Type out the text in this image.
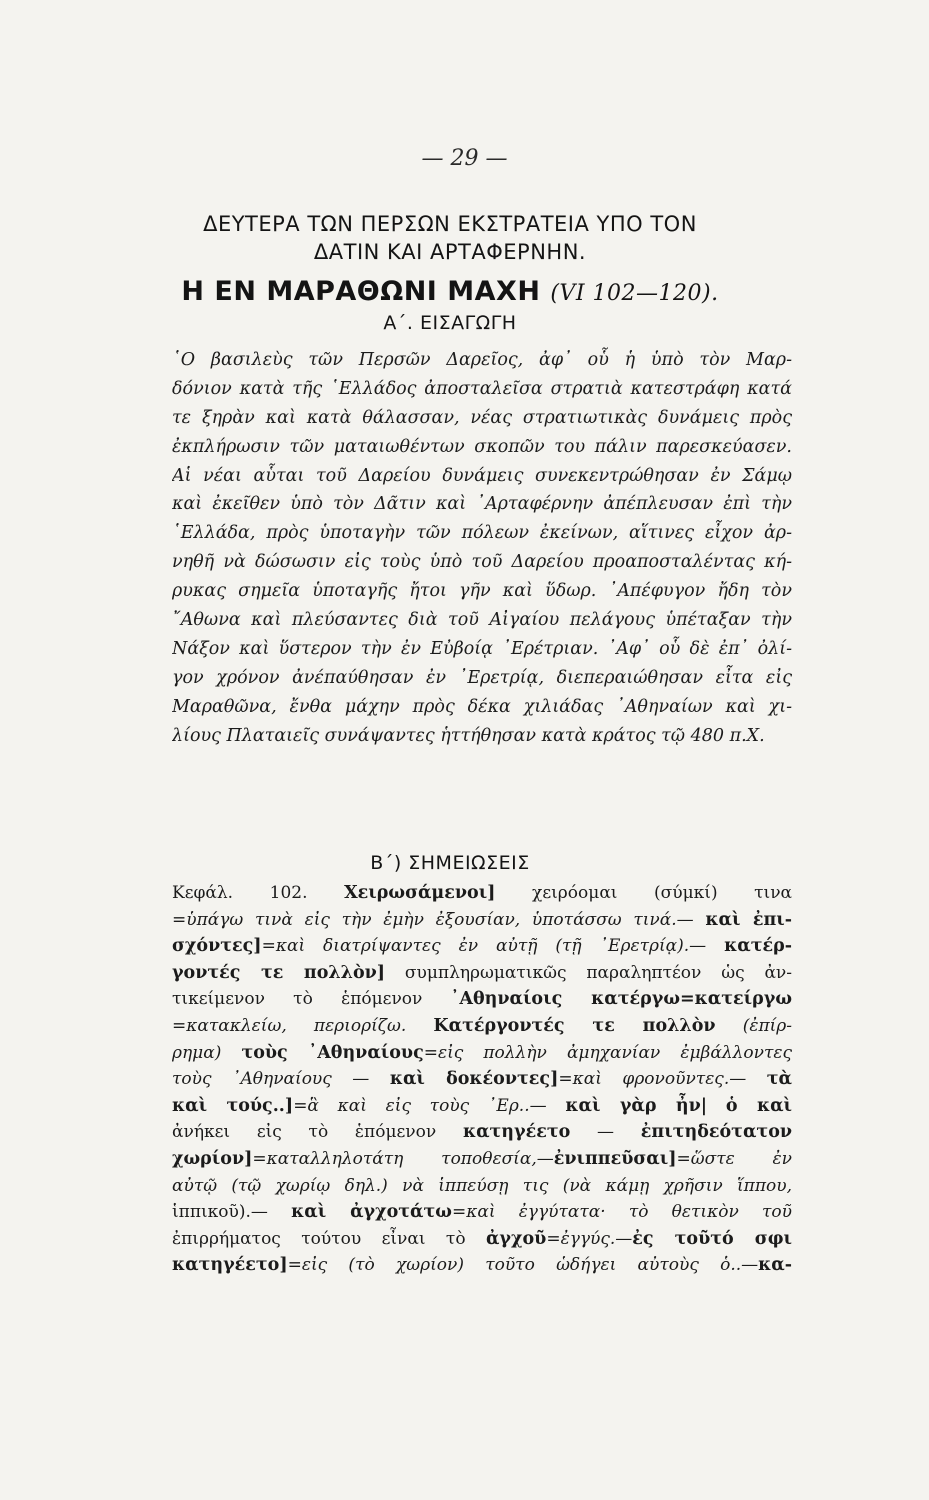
— 29 —
ΔΕΥΤΕΡΑ ΤΩΝ ΠΕΡΣΩΝ ΕΚΣΤΡΑΤΕΙΑ ΥΠΟ ΤΟΝ
ΔΑΤΙΝ ΚΑΙ ΑΡΤΑΦΕΡΝΗΝ.
Η ΕΝ ΜΑΡΑΘΩΝΙ ΜΑΧΗ (VI 102—120).
Α΄. ΕΙΣΑΓΩΓΗ
῾Ο βασιλεὺς τῶν Περσῶν Δαρεῖος, ἀφ᾿ οὗ ἡ ὑπὸ τὸν Μαρ-
δόνιον κατὰ τῆς ῾Ελλάδος ἀποσταλεῖσα στρατιὰ κατεστράφη κατά
τε ξηρὰν καὶ κατὰ θάλασσαν, νέας στρατιωτικὰς δυνάμεις πρὸς
ἐκπλήρωσιν τῶν ματαιωθέντων σκοπῶν του πάλιν παρεσκεύασεν.
Αἱ νέαι αὗται τοῦ Δαρείου δυνάμεις συνεκεντρώθησαν ἐν Σάμῳ
καὶ ἐκεῖθεν ὑπὸ τὸν Δᾶτιν καὶ ᾿Αρταφέρνην ἀπέπλευσαν ἐπὶ τὴν
῾Ελλάδα, πρὸς ὑποταγὴν τῶν πόλεων ἐκείνων, αἵτινες εἶχον ἀρ-
νηθῆ νὰ δώσωσιν εἰς τοὺς ὑπὸ τοῦ Δαρείου προαποσταλέντας κή-
ρυκας σημεῖα ὑποταγῆς ἤτοι γῆν καὶ ὕδωρ. ᾿Απέφυγον ἤδη τὸν
῎Αθωνα καὶ πλεύσαντες διὰ τοῦ Αἰγαίου πελάγους ὑπέταξαν τὴν
Νάξον καὶ ὕστερον τὴν ἐν Εὐβοίᾳ ᾿Ερέτριαν. ᾿Αφ᾿ οὗ δὲ ἐπ᾿ ὀλί-
γον χρόνον ἀνέπαύθησαν ἐν ᾿Ερετρίᾳ, διεπεραιώθησαν εἶτα εἰς
Μαραθῶνα, ἔνθα μάχην πρὸς δέκα χιλιάδας ᾿Αθηναίων καὶ χι-
λίους Πλαταιεῖς συνάψαντες ἡττήθησαν κατὰ κράτος τῷ 480 π.Χ.
Β΄) ΣΗΜΕΙΩΣΕΙΣ
Κεφάλ. 102. Χειρωσάμενοι] χειρόομαι (σύμκί) τινα
=ὑπάγω τινὰ εἰς τὴν ἐμὴν ἐξουσίαν, ὑποτάσσω τινά.— καὶ ἐπι-
σχόντες]=καὶ διατρίψαντες ἐν αὐτῇ (τῇ ᾿Ερετρίᾳ).— κατέρ-
γοντές τε πολλὸν] συμπληρωματικῶς παραληπτέον ὡς ἀν-
τικείμενον τὸ ἑπόμενον ᾿Αθηναίοις κατέργω=κατείργω
=κατακλείω, περιορίζω. Κατέργοντές τε πολλὸν (ἐπίρ-
ρημα) τοὺς ᾿Αθηναίους=εἰς πολλὴν ἀμηχανίαν ἐμβάλλοντες
τοὺς ᾿Αθηναίους — καὶ δοκέοντες]=καὶ φρονοῦντες.— τὰ
καὶ τούς..]=ἃ καὶ εἰς τοὺς ᾿Ερ..— καὶ γὰρ ἦν| ὁ καὶ
ἀνήκει εἰς τὸ ἑπόμενον κατηγέετο — ἐπιτηδεότατον
χωρίον]=καταλληλοτάτη τοποθεσία,—ἐνιππεῦσαι]=ὥστε ἐν
αὐτῷ (τῷ χωρίῳ δηλ.) νὰ ἱππεύσῃ τις (νὰ κάμῃ χρῆσιν ἵππου,
ἱππικοῦ).— καὶ ἀγχοτάτω=καὶ ἐγγύτατα· τὸ θετικὸν τοῦ
ἐπιρρήματος τούτου εἶναι τὸ ἀγχοῦ=ἐγγύς.—ἐς τοῦτό σφι
κατηγέετο]=εἰς (τὸ χωρίον) τοῦτο ὡδήγει αὐτοὺς ὁ..—κα-
